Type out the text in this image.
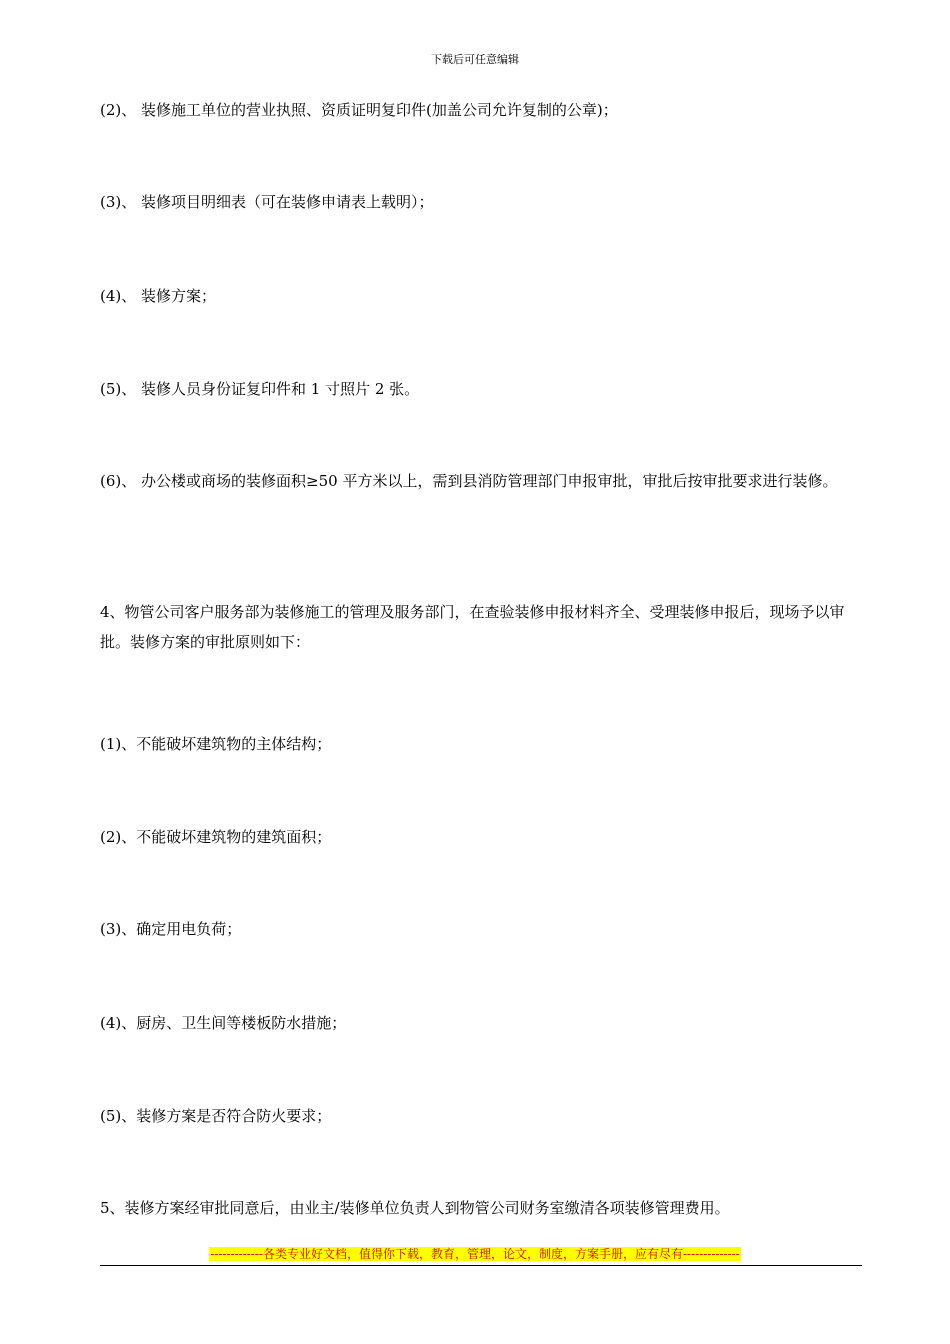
下载后可任意编辑

(2)、 装修施工单位的营业执照、资质证明复印件(加盖公司允许复制的公章)；

(3)、 装修项目明细表（可在装修申请表上载明）；

(4)、 装修方案；

(5)、 装修人员身份证复印件和 1 寸照片 2 张。

(6)、 办公楼或商场的装修面积≥50 平方米以上，需到县消防管理部门申报审批，审批后按审批要求进行装修。

4、物管公司客户服务部为装修施工的管理及服务部门，在查验装修申报材料齐全、受理装修申报后，现场予以审批。装修方案的审批原则如下：

(1)、不能破坏建筑物的主体结构；

(2)、不能破坏建筑物的建筑面积；

(3)、确定用电负荷；

(4)、厨房、卫生间等楼板防水措施；

(5)、装修方案是否符合防火要求；

5、装修方案经审批同意后，由业主/装修单位负责人到物管公司财务室缴清各项装修管理费用。

-------------各类专业好文档，值得你下载，教育，管理，论文，制度，方案手册，应有尽有--------------
